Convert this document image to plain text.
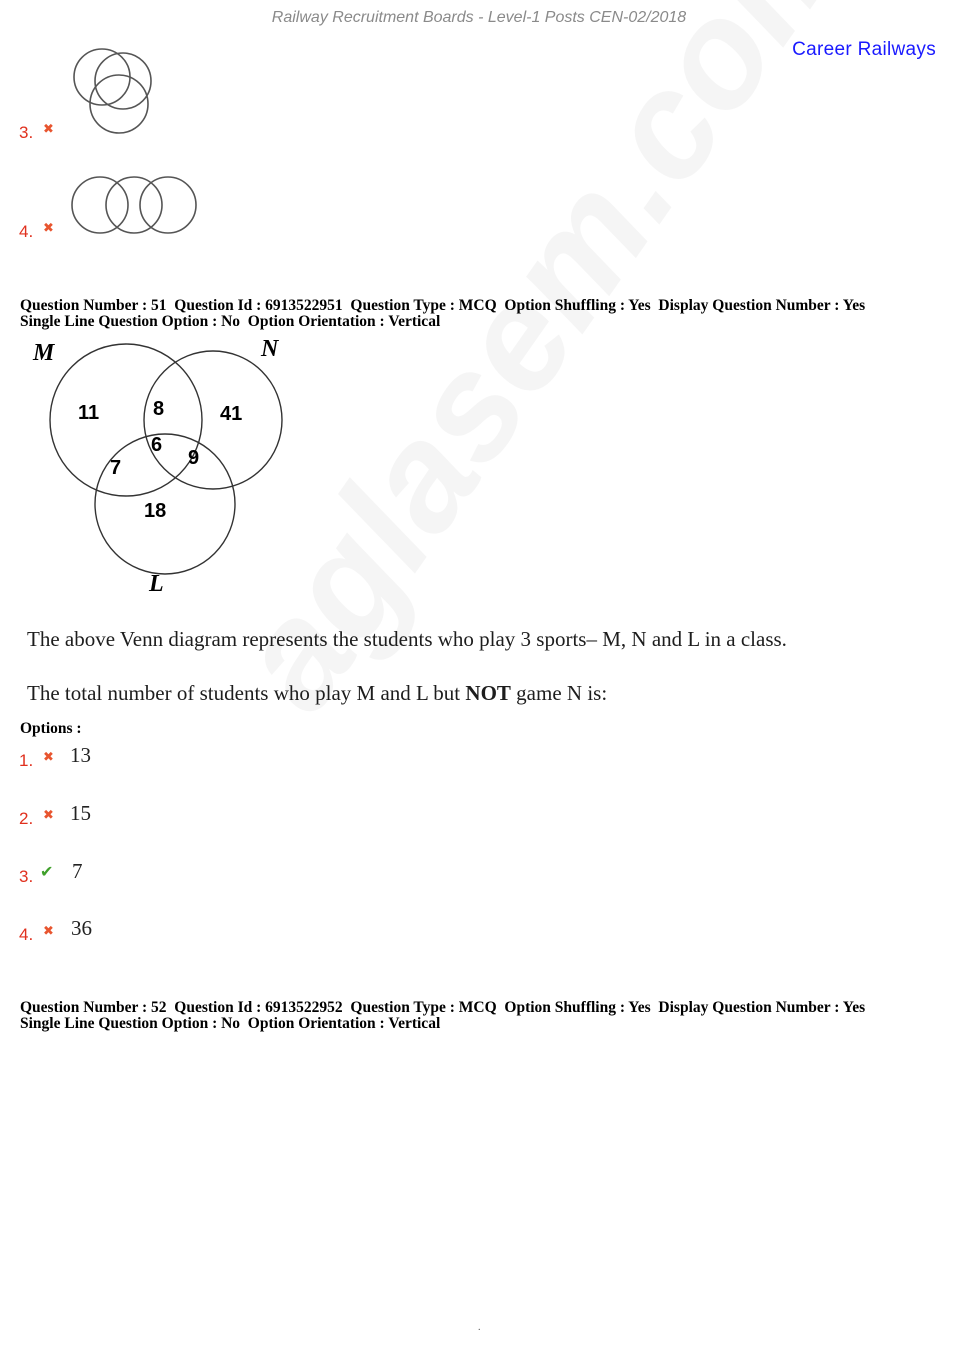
Railway Recruitment Boards - Level-1 Posts CEN-02/2018
Career Railways
3. ✖
4. ✖
Question Number : 51  Question Id : 6913522951  Question Type : MCQ  Option Shuffling : Yes  Display Question Number : Yes
Single Line Question Option : No  Option Orientation : Vertical
M	N
L
11	8	41
6
7	9
18
The above Venn diagram represents the students who play 3 sports– M, N and L in a class.
The total number of students who play M and L but NOT game N is:
Options :
1. ✖ 13
2. ✖ 15
3. ✔ 7
4. ✖ 36
Question Number : 52  Question Id : 6913522952  Question Type : MCQ  Option Shuffling : Yes  Display Question Number : Yes
Single Line Question Option : No  Option Orientation : Vertical
.
